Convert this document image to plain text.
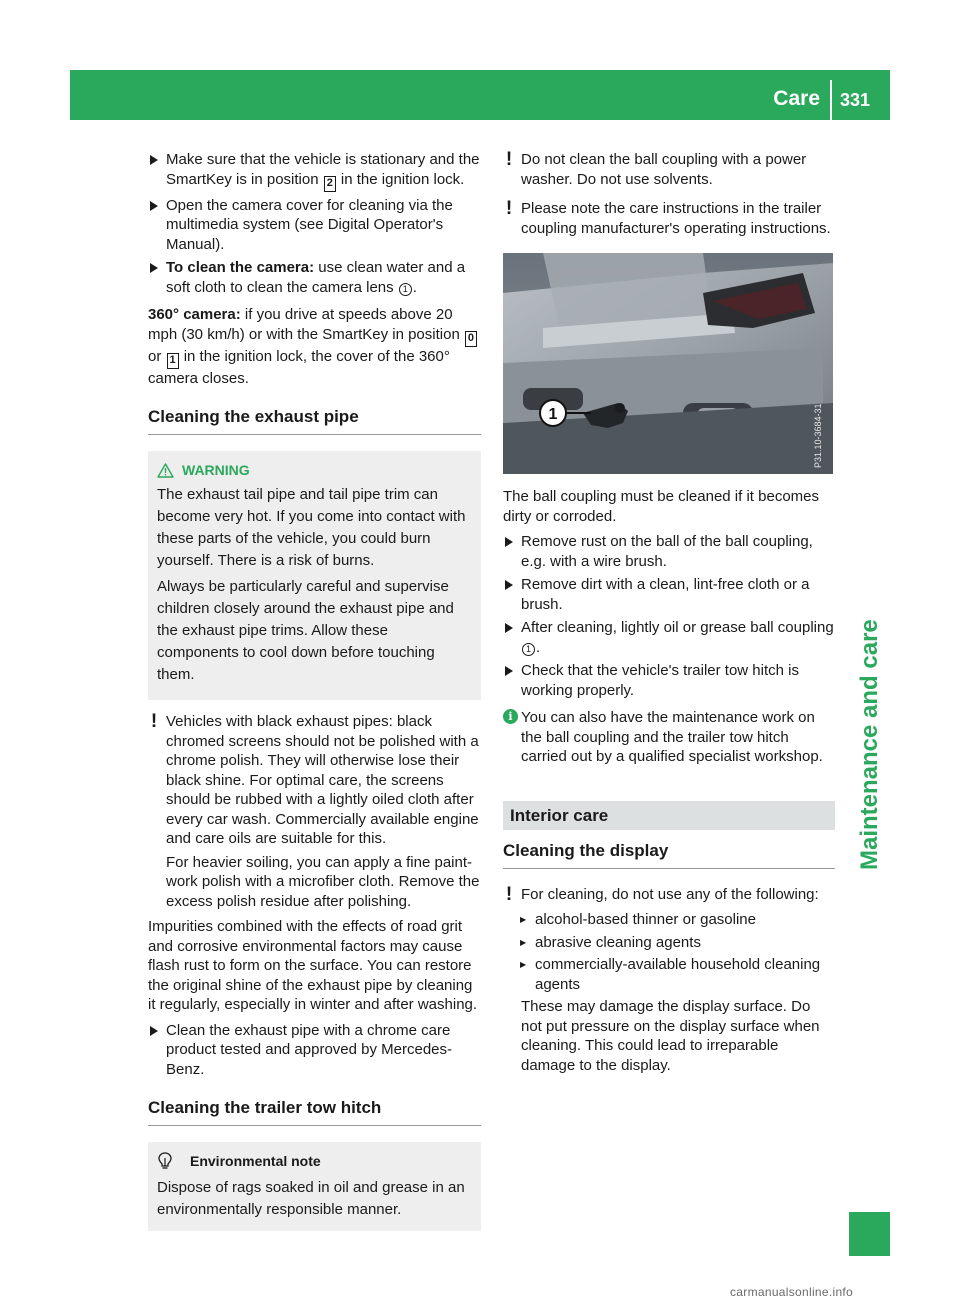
Care 331
Maintenance and care
Make sure that the vehicle is stationary and the SmartKey is in position 2 in the ignition lock.
Open the camera cover for cleaning via the multimedia system (see Digital Operator's Manual).
To clean the camera: use clean water and a soft cloth to clean the camera lens 1 .
360° camera: if you drive at speeds above 20 mph (30 km/h) or with the SmartKey in position 0 or 1 in the ignition lock, the cover of the 360° camera closes.
Cleaning the exhaust pipe
WARNING
The exhaust tail pipe and tail pipe trim can become very hot. If you come into contact with these parts of the vehicle, you could burn yourself. There is a risk of burns.
Always be particularly careful and supervise children closely around the exhaust pipe and the exhaust pipe trims. Allow these components to cool down before touching them.
! Vehicles with black exhaust pipes: black chromed screens should not be polished with a chrome polish. They will otherwise lose their black shine. For optimal care, the screens should be rubbed with a lightly oiled cloth after every car wash. Commercially available engine and care oils are suitable for this.
For heavier soiling, you can apply a fine paint-work polish with a microfiber cloth. Remove the excess polish residue after polishing.
Impurities combined with the effects of road grit and corrosive environmental factors may cause flash rust to form on the surface. You can restore the original shine of the exhaust pipe by cleaning it regularly, especially in winter and after washing.
Clean the exhaust pipe with a chrome care product tested and approved by Mercedes-Benz.
Cleaning the trailer tow hitch
Environmental note
Dispose of rags soaked in oil and grease in an environmentally responsible manner.
! Do not clean the ball coupling with a power washer. Do not use solvents.
! Please note the care instructions in the trailer coupling manufacturer's operating instructions.
1	P31.10-3684-31
The ball coupling must be cleaned if it becomes dirty or corroded.
Remove rust on the ball of the ball coupling, e.g. with a wire brush.
Remove dirt with a clean, lint-free cloth or a brush.
After cleaning, lightly oil or grease ball coupling 1 .
Check that the vehicle's trailer tow hitch is working properly.
i You can also have the maintenance work on the ball coupling and the trailer tow hitch carried out by a qualified specialist workshop.
Interior care
Cleaning the display
! For cleaning, do not use any of the following:
▶ alcohol-based thinner or gasoline
▶ abrasive cleaning agents
▶ commercially-available household cleaning agents
These may damage the display surface. Do not put pressure on the display surface when cleaning. This could lead to irreparable damage to the display.
carmanualsonline.info
